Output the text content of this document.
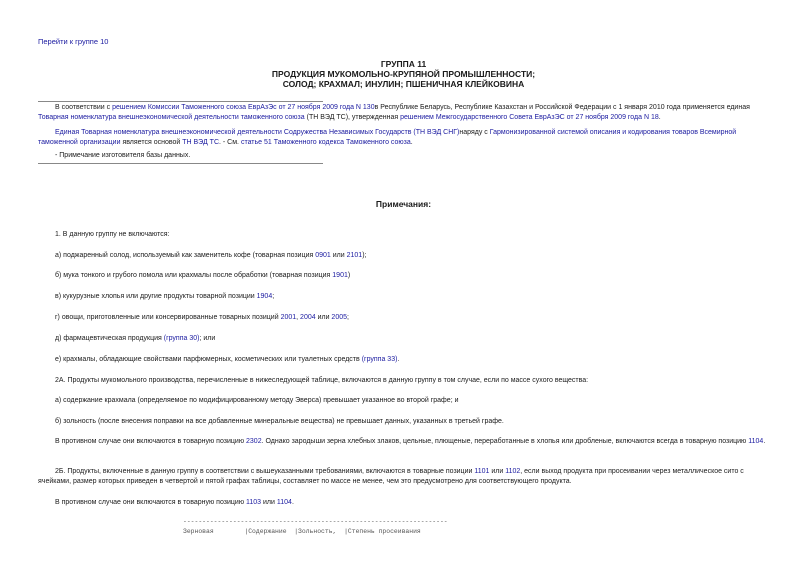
Перейти к группе 10
ГРУППА 11
ПРОДУКЦИЯ МУКОМОЛЬНО-КРУПЯНОЙ ПРОМЫШЛЕННОСТИ;
СОЛОД; КРАХМАЛ; ИНУЛИН; ПШЕНИЧНАЯ КЛЕЙКОВИНА
В соответствии с решением Комиссии Таможенного союза ЕврАзЭс от 27 ноября 2009 года N 130в Республике Беларусь, Республике Казахстан и Российской Федерации с 1 января 2010 года применяется единая Товарная номенклатура внешнеэкономической деятельности таможенного союза (ТН ВЭД ТС), утвержденная решением Межгосударственного Совета ЕврАзЭС от 27 ноября 2009 года N 18.
Единая Товарная номенклатура внешнеэкономической деятельности Содружества Независимых Государств (ТН ВЭД СНГ)наряду с Гармонизированной системой описания и кодирования товаров Всемирной таможенной организации является основой ТН ВЭД ТС. - См. статье 51 Таможенного кодекса Таможенного союза.
- Примечание изготовителя базы данных.
Примечания:
1. В данную группу не включаются:
а) поджаренный солод, используемый как заменитель кофе (товарная позиция 0901 или 2101);
б) мука тонкого и грубого помола или крахмалы после обработки (товарная позиция 1901)
в) кукурузные хлопья или другие продукты товарной позиции 1904;
г) овощи, приготовленные или консервированные товарных позиций 2001, 2004 или 2005;
д) фармацевтическая продукция (группа 30); или
е) крахмалы, обладающие свойствами парфюмерных, косметических или туалетных средств (группа 33).
2А. Продукты мукомольного производства, перечисленные в нижеследующей таблице, включаются в данную группу в том случае, если по массе сухого вещества:
а) содержание крахмала (определяемое по модифицированному методу Эверса) превышает указанное во второй графе; и
б) зольность (после внесения поправки на все добавленные минеральные вещества) не превышает данных, указанных в третьей графе.
В противном случае они включаются в товарную позицию 2302. Однако зародыши зерна хлебных злаков, цельные, плющеные, переработанные в хлопья или дробленые, включаются всегда в товарную позицию 1104.
2Б. Продукты, включенные в данную группу в соответствии с вышеуказанными требованиями, включаются в товарные позиции 1101 или 1102, если выход продукта при просеивании через металлическое сито с ячейками, размер которых приведен в четвертой и пятой графах таблицы, составляет по массе не менее, чем это предусмотрено для соответствующего продукта.
В противном случае они включаются в товарную позицию 1103 или 1104.
---------------------------------------------------------------------
Зерновая        |Содержание  |Зольность,  |Степень просеивания
